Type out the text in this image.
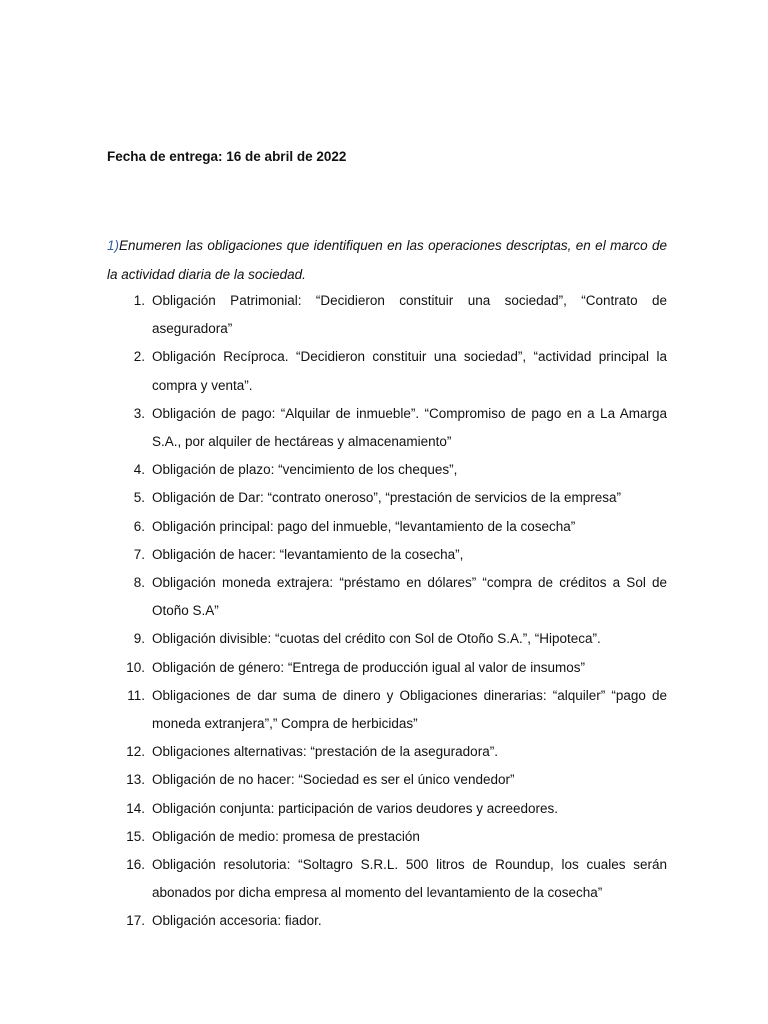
Fecha de entrega: 16 de abril de 2022
1)Enumeren las obligaciones que identifiquen en las operaciones descriptas, en el marco de la actividad diaria de la sociedad.
1. Obligación Patrimonial: “Decidieron constituir una sociedad”, “Contrato de aseguradora”
2. Obligación Recíproca. “Decidieron constituir una sociedad”, “actividad principal la compra y venta”.
3. Obligación de pago: “Alquilar de inmueble”. “Compromiso de pago en a La Amarga S.A., por alquiler de hectáreas y almacenamiento”
4. Obligación de plazo: “vencimiento de los cheques”,
5. Obligación de Dar: “contrato oneroso”, “prestación de servicios de la empresa”
6. Obligación principal: pago del inmueble, “levantamiento de la cosecha”
7. Obligación de hacer: “levantamiento de la cosecha”,
8. Obligación moneda extrajera: “préstamo en dólares” “compra de créditos a Sol de Otoño S.A”
9. Obligación divisible: “cuotas del crédito con Sol de Otoño S.A.”, “Hipoteca”.
10. Obligación de género: “Entrega de producción igual al valor de insumos”
11. Obligaciones de dar suma de dinero y Obligaciones dinerarias: “alquiler” “pago de moneda extranjera”,” Compra de herbicidas”
12. Obligaciones alternativas: “prestación de la aseguradora”.
13. Obligación de no hacer: “Sociedad es ser el único vendedor”
14. Obligación conjunta: participación de varios deudores y acreedores.
15. Obligación de medio: promesa de prestación
16. Obligación resolutoria: “Soltagro S.R.L. 500 litros de Roundup, los cuales serán abonados por dicha empresa al momento del levantamiento de la cosecha”
17. Obligación accesoria: fiador.
